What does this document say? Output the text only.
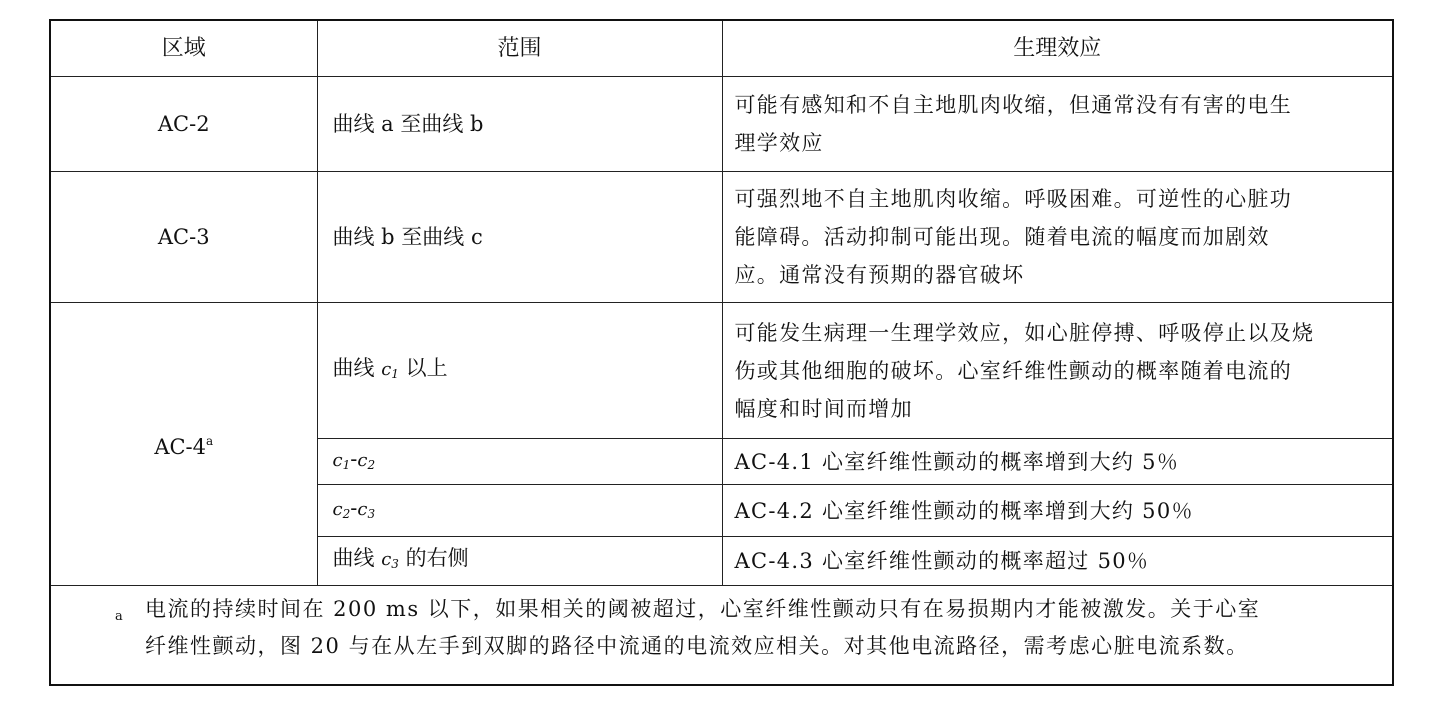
区域	范围	生理效应
AC-2	曲线 a 至曲线 b	可能有感知和不自主地肌肉收缩，但通常没有有害的电生
理学效应
AC-3	曲线 b 至曲线 c	可强烈地不自主地肌肉收缩。呼吸困难。可逆性的心脏功
能障碍。活动抑制可能出现。随着电流的幅度而加剧效
应。通常没有预期的器官破坏
AC-4$^a$	曲线 $c_1$ 以上	可能发生病理一生理学效应，如心脏停搏、呼吸停止以及烧
伤或其他细胞的破坏。心室纤维性颤动的概率随着电流的
幅度和时间而增加
	$c_1-c_2$	AC-4.1 心室纤维性颤动的概率增到大约 5％
	$c_2-c_3$	AC-4.2 心室纤维性颤动的概率增到大约 50％
	曲线 $c_3$ 的右侧	AC-4.3 心室纤维性颤动的概率超过 50％

a 电流的持续时间在 200 ms 以下，如果相关的阈被超过，心室纤维性颤动只有在易损期内才能被激发。关于心室
纤维性颤动，图 20 与在从左手到双脚的路径中流通的电流效应相关。对其他电流路径，需考虑心脏电流系数。		
